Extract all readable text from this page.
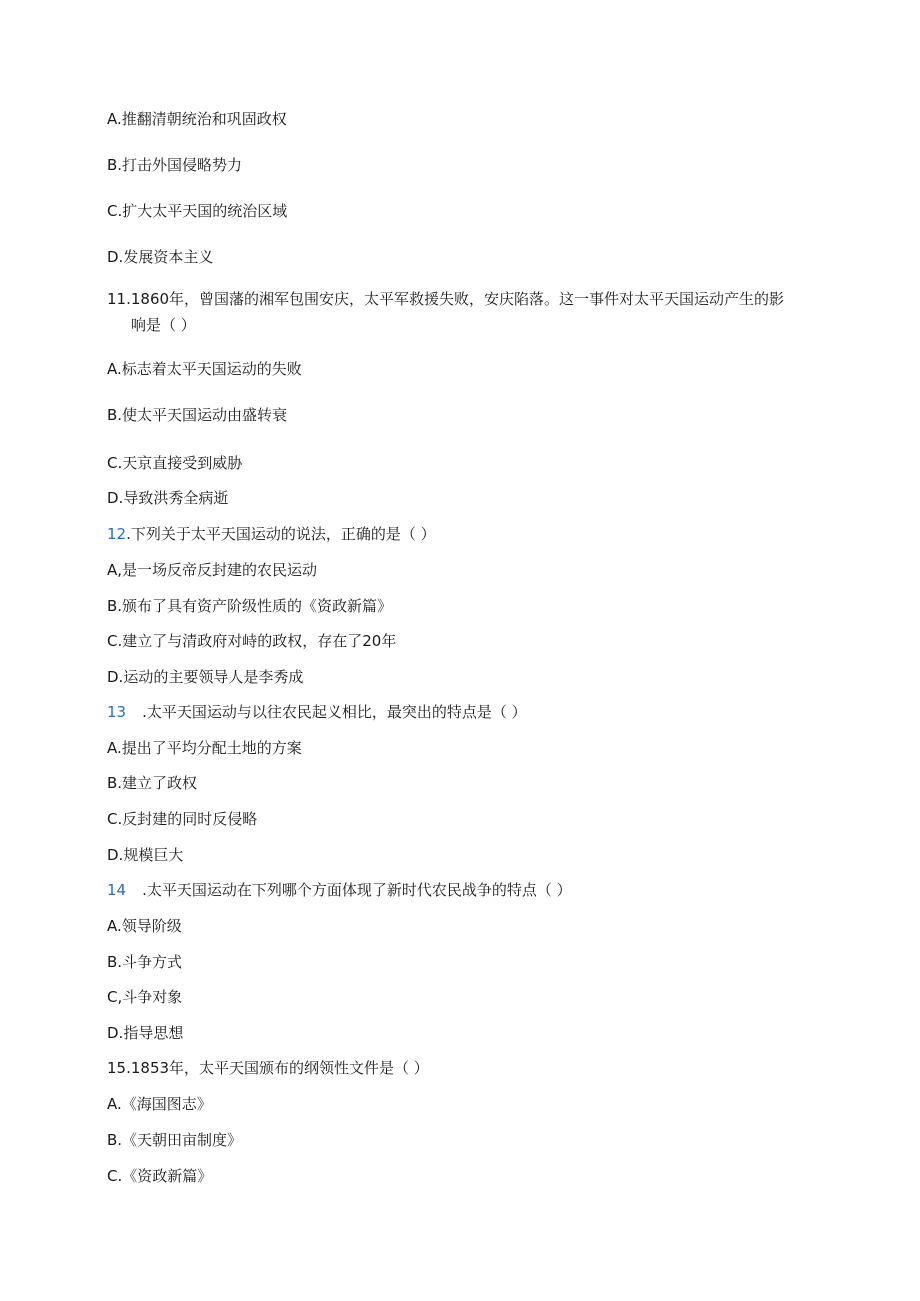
A.推翻清朝统治和巩固政权
B.打击外国侵略势力
C.扩大太平天国的统治区域
D.发展资本主义
11.1860年，曾国藩的湘军包围安庆，太平军救援失败，安庆陷落。这一事件对太平天国运动产生的影
响是（ ）
A.标志着太平天国运动的失败
B.使太平天国运动由盛转衰
C.天京直接受到威胁
D.导致洪秀全病逝
12.下列关于太平天国运动的说法，正确的是（ ）
A,是一场反帝反封建的农民运动
B.颁布了具有资产阶级性质的《资政新篇》
C.建立了与清政府对峙的政权，存在了20年
D.运动的主要领导人是李秀成
13 .太平天国运动与以往农民起义相比，最突出的特点是（ ）
A.提出了平均分配土地的方案
B.建立了政权
C.反封建的同时反侵略
D.规模巨大
14 .太平天国运动在下列哪个方面体现了新时代农民战争的特点（ ）
A.领导阶级
B.斗争方式
C,斗争对象
D.指导思想
15.1853年，太平天国颁布的纲领性文件是（ ）
A.《海国图志》
B.《天朝田亩制度》
C.《资政新篇》
